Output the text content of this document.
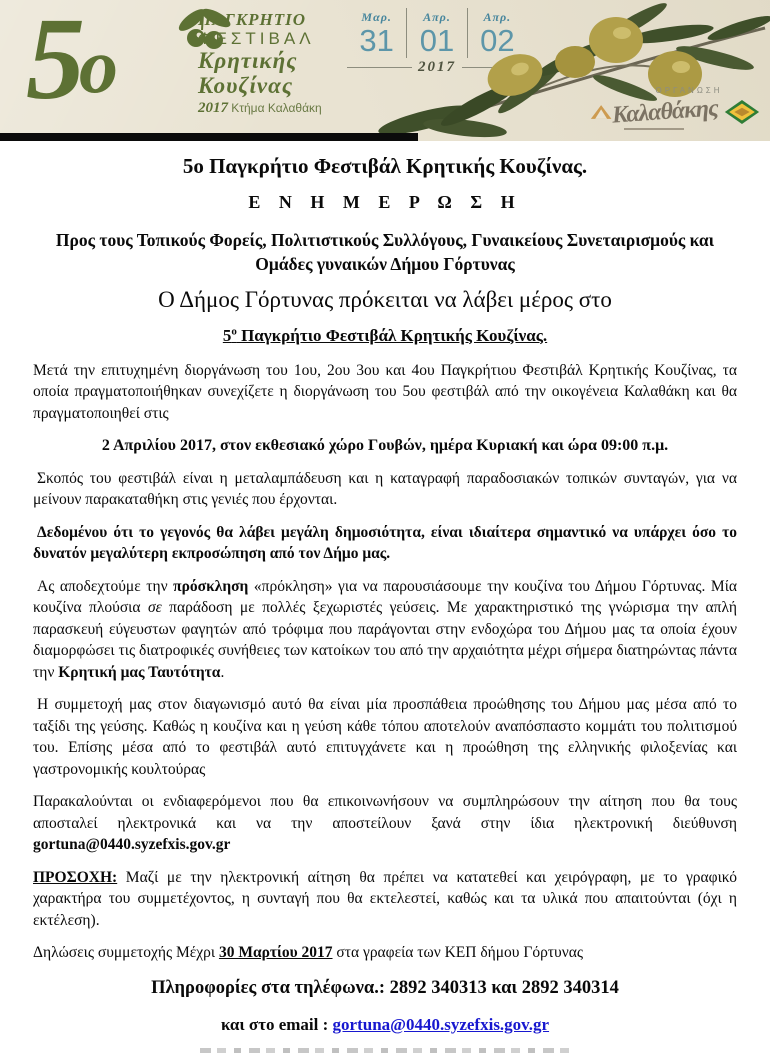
5ο
ΠΑΓΚΡΗΤΙΟ
ΦΕΣΤΙΒΑΛ
Κρητικής
Κουζίνας
2017 Κτήμα Καλαθάκη
Μαρ.
31
Απρ.
01
Απρ.
02
2017
ΟΡΓΑΝΩΣΗ
Καλαθάκης
5ο Παγκρήτιο Φεστιβάλ Κρητικής Κουζίνας.
Ε Ν Η Μ Ε Ρ Ω Σ Η
Προς τους Τοπικούς Φορείς, Πολιτιστικούς Συλλόγους, Γυναικείους Συνεταιρισμούς και Ομάδες γυναικών Δήμου Γόρτυνας
Ο Δήμος Γόρτυνας πρόκειται να λάβει μέρος στο
$5^o$ Παγκρήτιο Φεστιβάλ Κρητικής Κουζίνας.

Μετά την επιτυχημένη διοργάνωση του 1ου, 2ου 3ου και 4ου Παγκρήτιου Φεστιβάλ Κρητικής Κουζίνας, τα οποία πραγματοποιήθηκαν συνεχίζετε η διοργάνωση του 5ου φεστιβάλ από την οικογένεια Καλαθάκη και θα πραγματοποιηθεί στις

2 Απριλίου 2017, στον εκθεσιακό χώρο Γουβών, ημέρα Κυριακή και ώρα 09:00 π.μ.

Σκοπός του φεστιβάλ είναι η μεταλαμπάδευση και η καταγραφή παραδοσιακών τοπικών συνταγών, για να μείνουν παρακαταθήκη στις γενιές που έρχονται.

Δεδομένου ότι το γεγονός θα λάβει μεγάλη δημοσιότητα, είναι ιδιαίτερα σημαντικό να υπάρχει όσο το δυνατόν μεγαλύτερη εκπροσώπηση από τον Δήμο μας.

Ας αποδεχτούμε την πρόσκληση «πρόκληση» για να παρουσιάσουμε την κουζίνα του Δήμου Γόρτυνας. Μία κουζίνα πλούσια σε παράδοση με πολλές ξεχωριστές γεύσεις. Με χαρακτηριστικό της γνώρισμα την απλή παρασκευή εύγευστων φαγητών από τρόφιμα που παράγονται στην ενδοχώρα του Δήμου μας τα οποία έχουν διαμορφώσει τις διατροφικές συνήθειες των κατοίκων του από την αρχαιότητα μέχρι σήμερα διατηρώντας πάντα την Κρητική μας Ταυτότητα.

Η συμμετοχή μας στον διαγωνισμό αυτό θα είναι μία προσπάθεια προώθησης του Δήμου μας μέσα από το ταξίδι της γεύσης. Καθώς η κουζίνα και η γεύση κάθε τόπου αποτελούν αναπόσπαστο κομμάτι του πολιτισμού του. Επίσης μέσα από το φεστιβάλ αυτό επιτυγχάνετε και η προώθηση της ελληνικής φιλοξενίας και γαστρονομικής κουλτούρας

Παρακαλούνται οι ενδιαφερόμενοι που θα επικοινωνήσουν να συμπληρώσουν την αίτηση που θα τους αποσταλεί ηλεκτρονικά και να την αποστείλουν ξανά στην ίδια ηλεκτρονική διεύθυνση gortuna@0440.syzefxis.gov.gr

ΠΡΟΣΟΧΗ: Μαζί με την ηλεκτρονική αίτηση θα πρέπει να κατατεθεί και χειρόγραφη, με το γραφικό χαρακτήρα του συμμετέχοντος, η συνταγή που θα εκτελεστεί, καθώς και τα υλικά που απαιτούνται (όχι η εκτέλεση).

Δηλώσεις συμμετοχής Μέχρι 30 Μαρτίου 2017 στα γραφεία των ΚΕΠ δήμου Γόρτυνας

Πληροφορίες στα τηλέφωνα.: 2892 340313 και 2892 340314
και στο email : gortuna@0440.syzefxis.gov.gr
